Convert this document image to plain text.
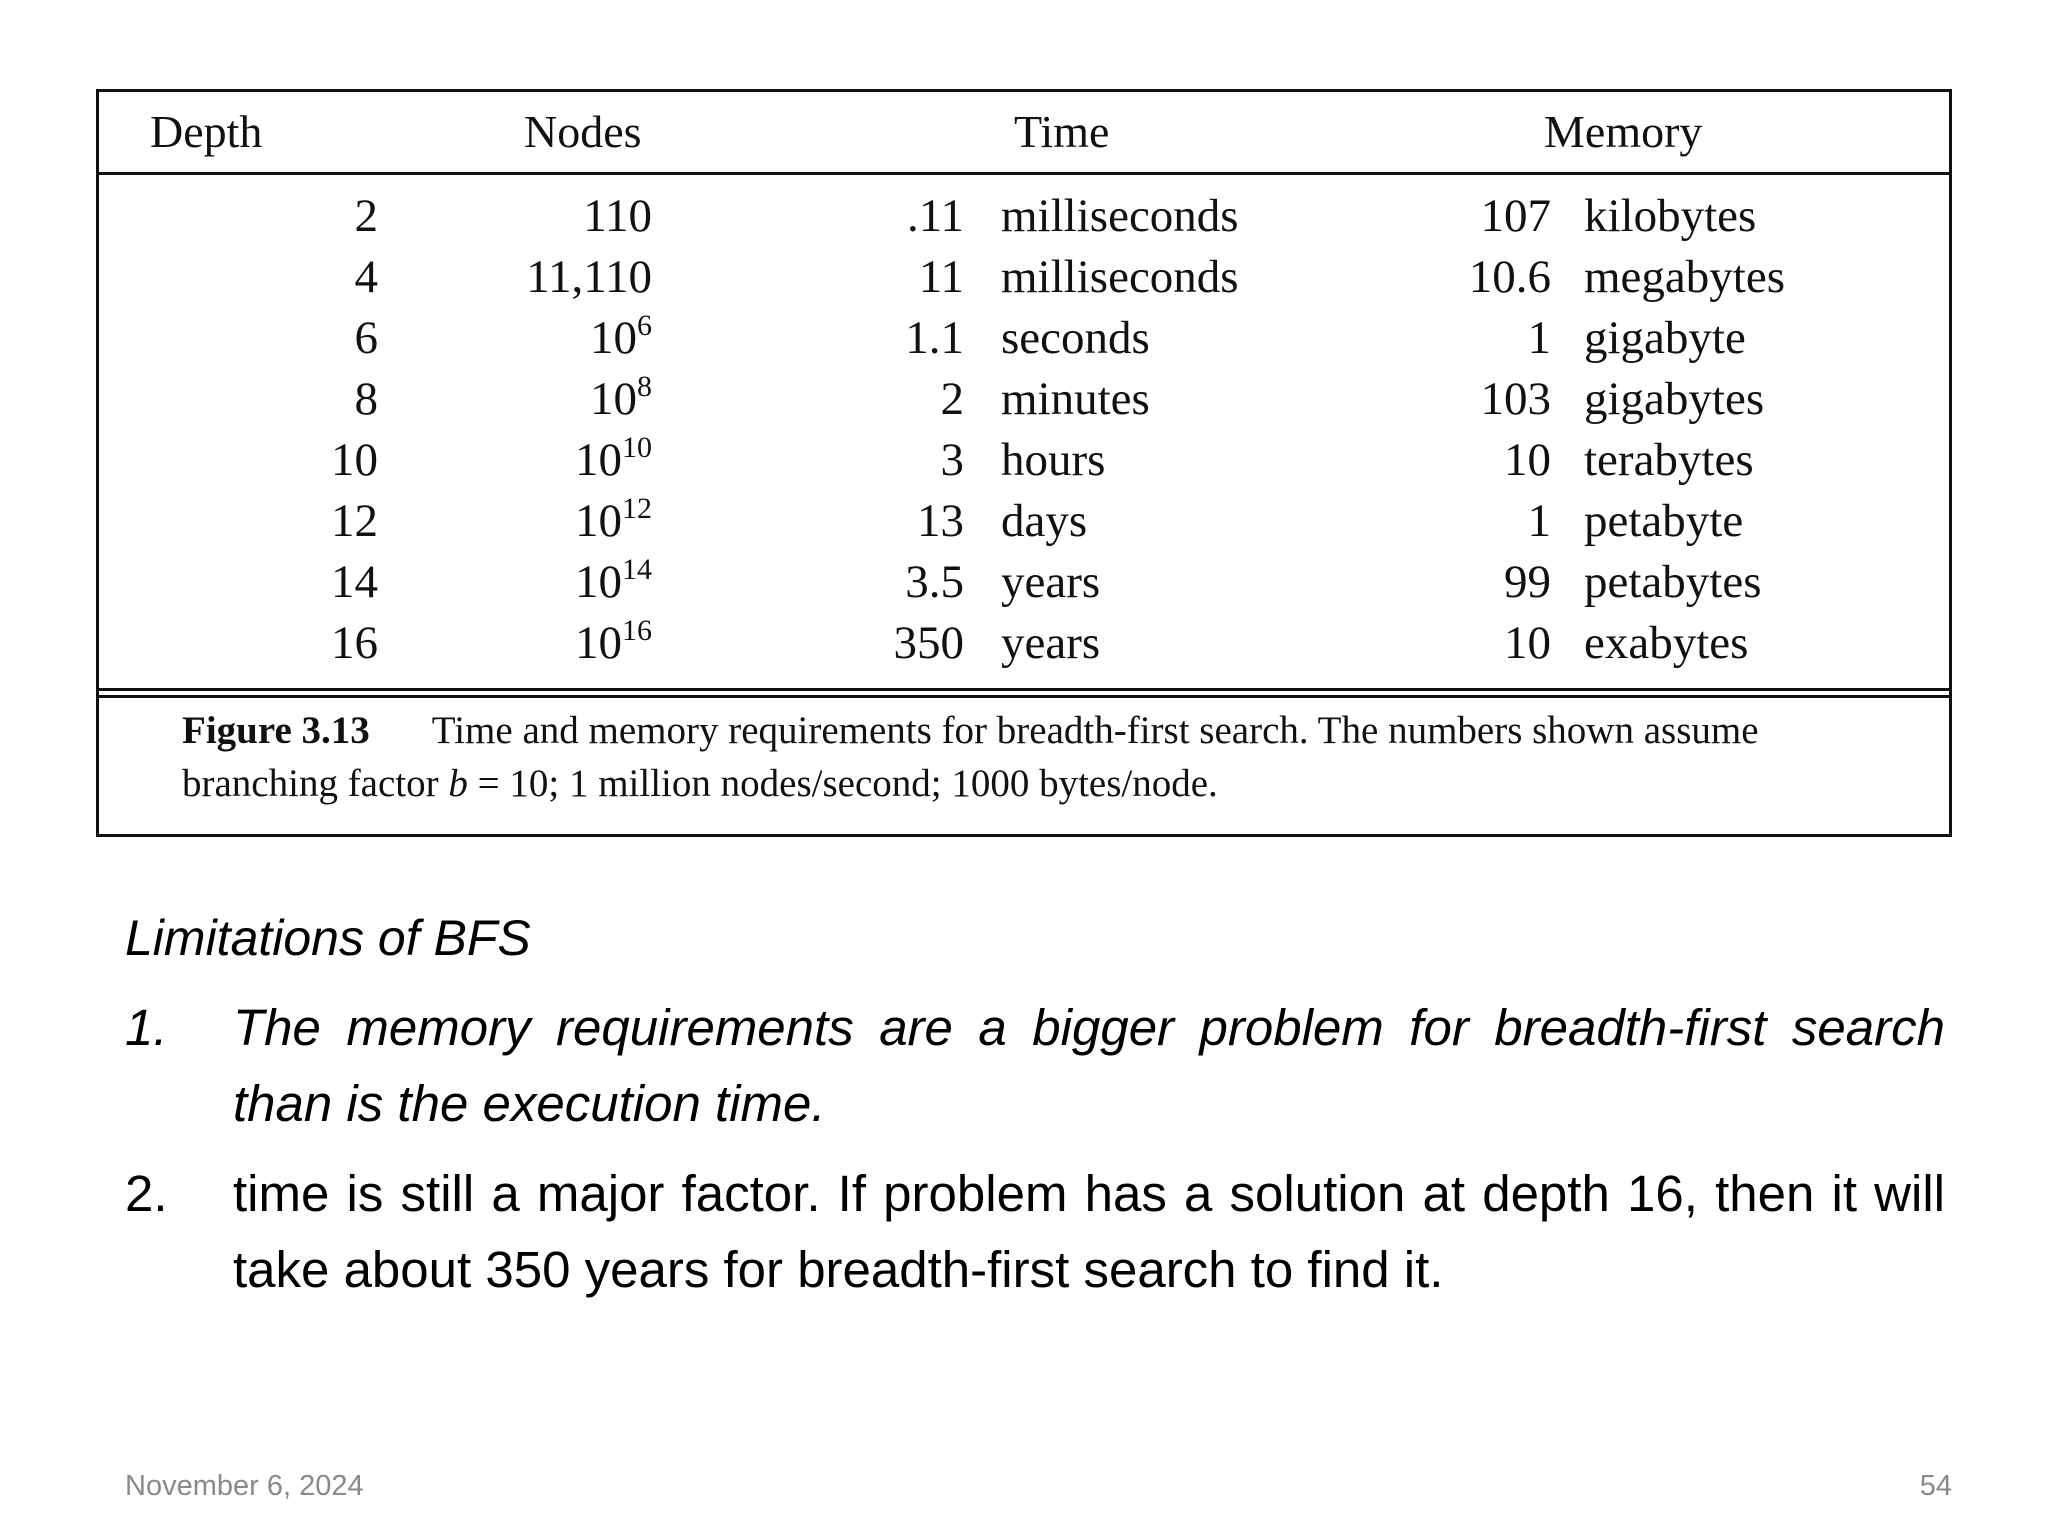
Depth	Nodes	Time	Memory
2	110	.11 milliseconds	107 kilobytes
4	11,110	11 milliseconds	10.6 megabytes
6	$10^6$	1.1 seconds	1 gigabyte
8	$10^8$	2 minutes	103 gigabytes
10	$10^{10}$	3 hours	10 terabytes
12	$10^{12}$	13 days	1 petabyte
14	$10^{14}$	3.5 years	99 petabytes
16	$10^{16}$	350 years	10 exabytes
Figure 3.13 Time and memory requirements for breadth-first search. The numbers shown assume branching factor b = 10; 1 million nodes/second; 1000 bytes/node.
Limitations of BFS
1. The memory requirements are a bigger problem for breadth-first search than is the execution time.
2. time is still a major factor. If problem has a solution at depth 16, then it will take about 350 years for breadth-first search to find it.
November 6, 2024	54
